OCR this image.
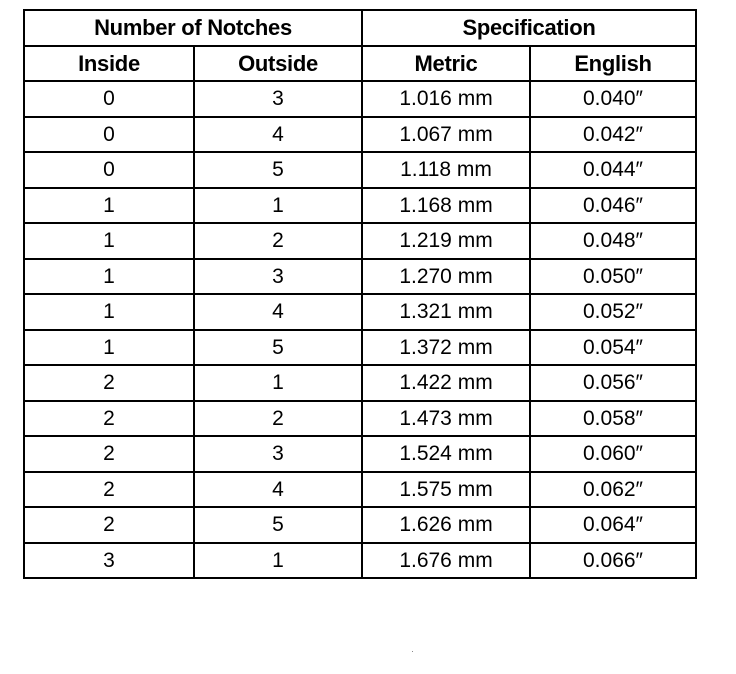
Number of Notches		Specification	
Inside	Outside	Metric	English
0	3	1.016 mm	0.040″
0	4	1.067 mm	0.042″
0	5	1.118 mm	0.044″
1	1	1.168 mm	0.046″
1	2	1.219 mm	0.048″
1	3	1.270 mm	0.050″
1	4	1.321 mm	0.052″
1	5	1.372 mm	0.054″
2	1	1.422 mm	0.056″
2	2	1.473 mm	0.058″
2	3	1.524 mm	0.060″
2	4	1.575 mm	0.062″
2	5	1.626 mm	0.064″
3	1	1.676 mm	0.066″
